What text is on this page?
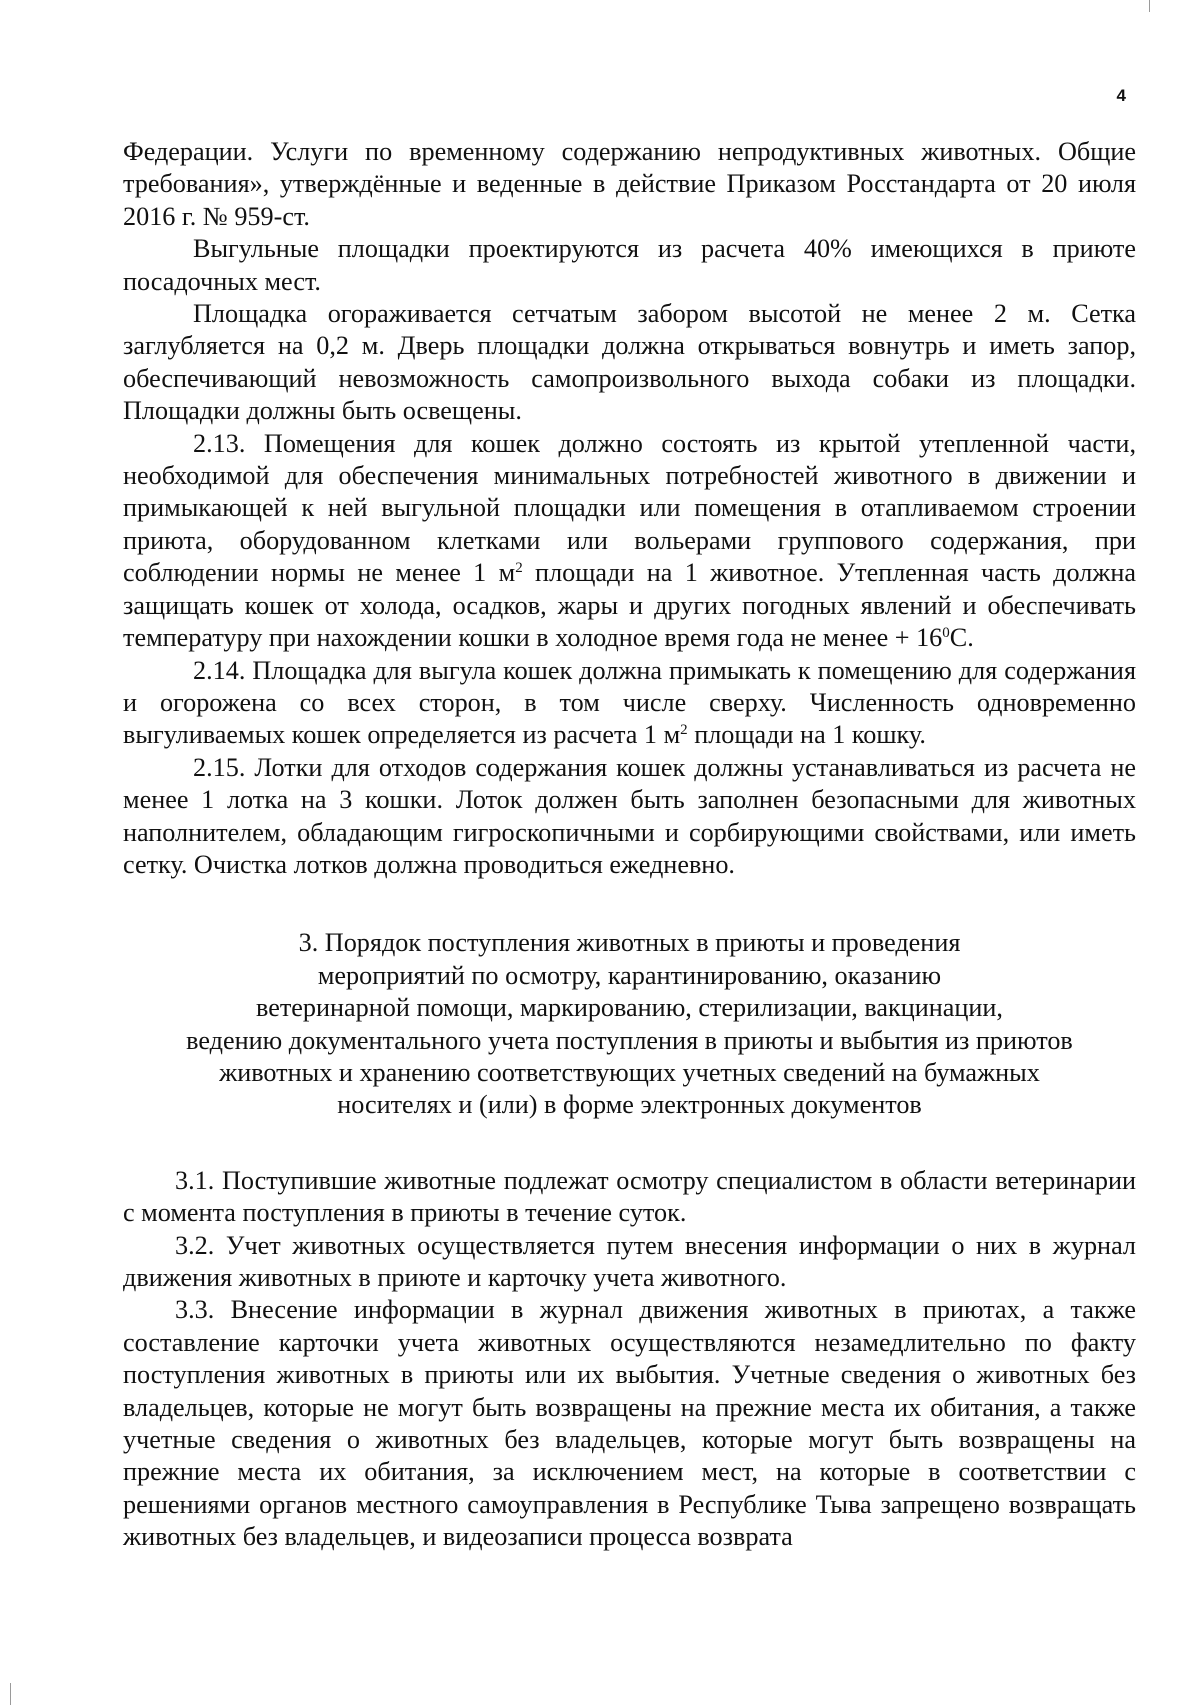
4

Федерации. Услуги по временному содержанию непродуктивных животных. Общие требования», утверждённые и веденные в действие Приказом Росстандарта от 20 июля 2016 г. № 959-ст.

Выгульные площадки проектируются из расчета 40% имеющихся в приюте посадочных мест.

Площадка огораживается сетчатым забором высотой не менее 2 м. Сетка заглубляется на 0,2 м. Дверь площадки должна открываться вовнутрь и иметь запор, обеспечивающий невозможность самопроизвольного выхода собаки из площадки. Площадки должны быть освещены.

2.13. Помещения для кошек должно состоять из крытой утепленной части, необходимой для обеспечения минимальных потребностей животного в движении и примыкающей к ней выгульной площадки или помещения в отапливаемом строении приюта, оборудованном клетками или вольерами группового содержания, при соблюдении нормы не менее 1 $м^2$ площади на 1 животное. Утепленная часть должна защищать кошек от холода, осадков, жары и других погодных явлений и обеспечивать температуру при нахождении кошки в холодное время года не менее + $16^0С$.

2.14. Площадка для выгула кошек должна примыкать к помещению для содержания и огорожена со всех сторон, в том числе сверху. Численность одновременно выгуливаемых кошек определяется из расчета 1 $м^2$ площади на 1 кошку.

2.15. Лотки для отходов содержания кошек должны устанавливаться из расчета не менее 1 лотка на 3 кошки. Лоток должен быть заполнен безопасными для животных наполнителем, обладающим гигроскопичными и сорбирующими свойствами, или иметь сетку. Очистка лотков должна проводиться ежедневно.

3. Порядок поступления животных в приюты и проведения
мероприятий по осмотру, карантинированию, оказанию
ветеринарной помощи, маркированию, стерилизации, вакцинации,
ведению документального учета поступления в приюты и выбытия из приютов
животных и хранению соответствующих учетных сведений на бумажных
носителях и (или) в форме электронных документов

3.1. Поступившие животные подлежат осмотру специалистом в области ветеринарии с момента поступления в приюты в течение суток.

3.2. Учет животных осуществляется путем внесения информации о них в журнал движения животных в приюте и карточку учета животного.

3.3. Внесение информации в журнал движения животных в приютах, а также составление карточки учета животных осуществляются незамедлительно по факту поступления животных в приюты или их выбытия. Учетные сведения о животных без владельцев, которые не могут быть возвращены на прежние места их обитания, а также учетные сведения о животных без владельцев, которые могут быть возвращены на прежние места их обитания, за исключением мест, на которые в соответствии с решениями органов местного самоуправления в Республике Тыва запрещено возвращать животных без владельцев, и видеозаписи процесса возврата
